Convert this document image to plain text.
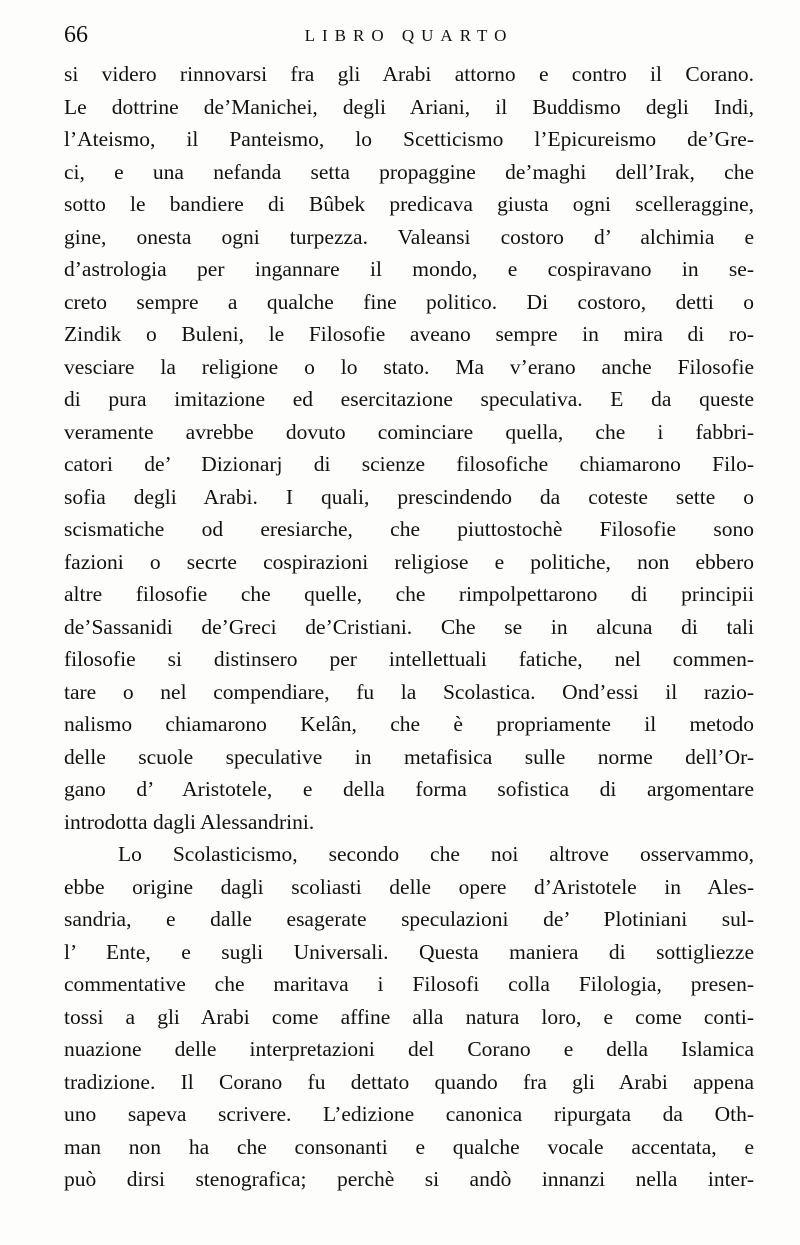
66	LIBRO QUARTO
si videro rinnovarsi fra gli Arabi attorno e contro il Corano.
Le dottrine de’Manichei, degli Ariani, il Buddismo degli Indi,
l’Ateismo, il Panteismo, lo Scetticismo l’Epicureismo de’Gre-
ci, e una nefanda setta propaggine de’maghi dell’Irak, che
sotto le bandiere di Bûbek predicava giusta ogni scelleraggine,
gine, onesta ogni turpezza. Valeansi costoro d’ alchimia e
d’astrologia per ingannare il mondo, e cospiravano in se-
creto sempre a qualche fine politico. Di costoro, detti o
Zindik o Buleni, le Filosofie aveano sempre in mira di ro-
vesciare la religione o lo stato. Ma v’erano anche Filosofie
di pura imitazione ed esercitazione speculativa. E da queste
veramente avrebbe dovuto cominciare quella, che i fabbri-
catori de’ Dizionarj di scienze filosofiche chiamarono Filo-
sofia degli Arabi. I quali, prescindendo da coteste sette o
scismatiche od eresiarche, che piuttostochè Filosofie sono
fazioni o secrte cospirazioni religiose e politiche, non ebbero
altre filosofie che quelle, che rimpolpettarono di principii
de’Sassanidi de’Greci de’Cristiani. Che se in alcuna di tali
filosofie si distinsero per intellettuali fatiche, nel commen-
tare o nel compendiare, fu la Scolastica. Ond’essi il razio-
nalismo chiamarono Kelân, che è propriamente il metodo
delle scuole speculative in metafisica sulle norme dell’Or-
gano d’ Aristotele, e della forma sofistica di argomentare
introdotta dagli Alessandrini.
Lo Scolasticismo, secondo che noi altrove osservammo,
ebbe origine dagli scoliasti delle opere d’Aristotele in Ales-
sandria, e dalle esagerate speculazioni de’ Plotiniani sul-
l’ Ente, e sugli Universali. Questa maniera di sottigliezze
commentative che maritava i Filosofi colla Filologia, presen-
tossi a gli Arabi come affine alla natura loro, e come conti-
nuazione delle interpretazioni del Corano e della Islamica
tradizione. Il Corano fu dettato quando fra gli Arabi appena
uno sapeva scrivere. L’edizione canonica ripurgata da Oth-
man non ha che consonanti e qualche vocale accentata, e
può dirsi stenografica; perchè si andò innanzi nella inter-
